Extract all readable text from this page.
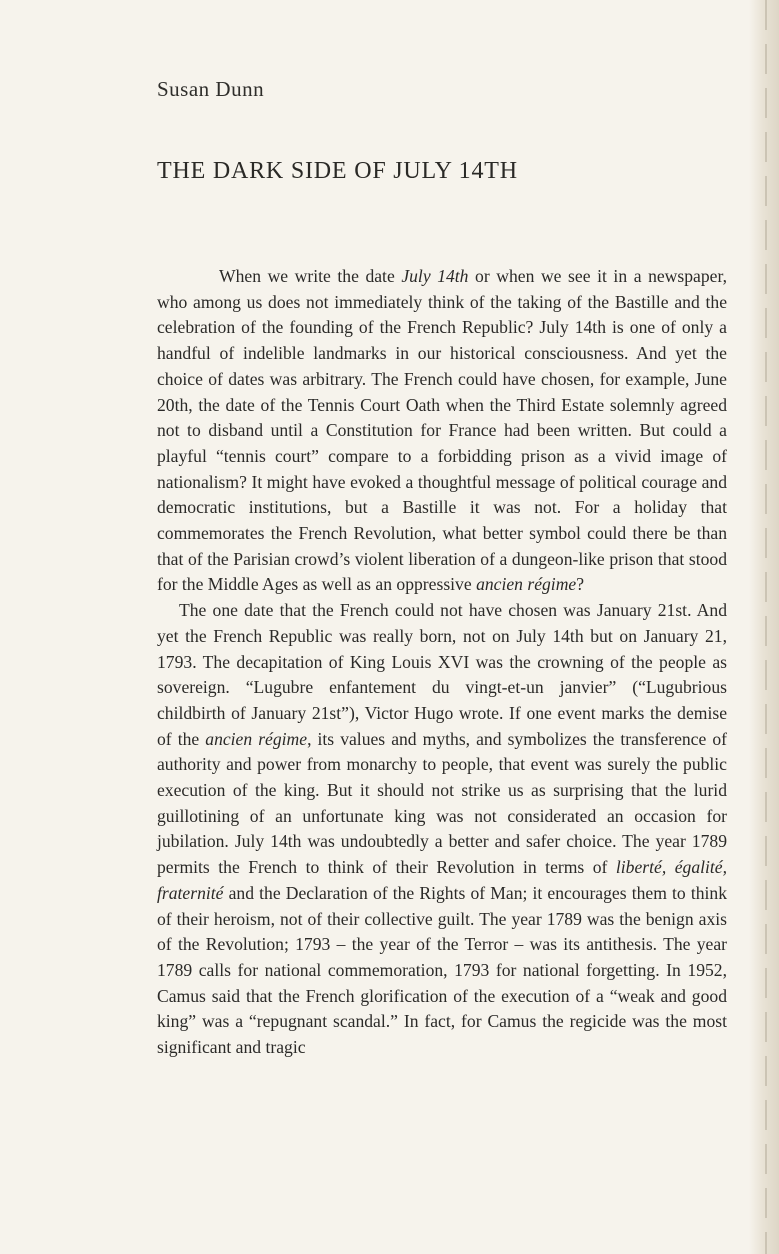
Susan Dunn
THE DARK SIDE OF JULY 14TH

When we write the date July 14th or when we see it in a newspaper, who among us does not immediately think of the taking of the Bastille and the celebration of the founding of the French Republic? July 14th is one of only a handful of indelible landmarks in our historical consciousness. And yet the choice of dates was arbitrary. The French could have chosen, for example, June 20th, the date of the Tennis Court Oath when the Third Estate solemnly agreed not to disband until a Constitution for France had been written. But could a playful “tennis court” compare to a forbidding prison as a vivid image of nationalism? It might have evoked a thoughtful message of political courage and democratic institutions, but a Bastille it was not. For a holiday that commemorates the French Revolution, what better symbol could there be than that of the Parisian crowd’s violent liberation of a dungeon-like prison that stood for the Middle Ages as well as an oppressive ancien régime?

The one date that the French could not have chosen was January 21st. And yet the French Republic was really born, not on July 14th but on January 21, 1793. The decapitation of King Louis XVI was the crowning of the people as sovereign. “Lugubre enfantement du vingt-et-un janvier” (“Lugubrious childbirth of January 21st”), Victor Hugo wrote. If one event marks the demise of the ancien régime, its values and myths, and symbolizes the transference of authority and power from monarchy to people, that event was surely the public execution of the king. But it should not strike us as surprising that the lurid guillotining of an unfortunate king was not considerated an occasion for jubilation. July 14th was undoubtedly a better and safer choice. The year 1789 permits the French to think of their Revolution in terms of liberté, égalité, fraternité and the Declaration of the Rights of Man; it encourages them to think of their heroism, not of their collective guilt. The year 1789 was the benign axis of the Revolution; 1793 – the year of the Terror – was its antithesis. The year 1789 calls for national commemoration, 1793 for national forgetting. In 1952, Camus said that the French glorification of the execution of a “weak and good king” was a “repugnant scandal.” In fact, for Camus the regicide was the most significant and tragic
